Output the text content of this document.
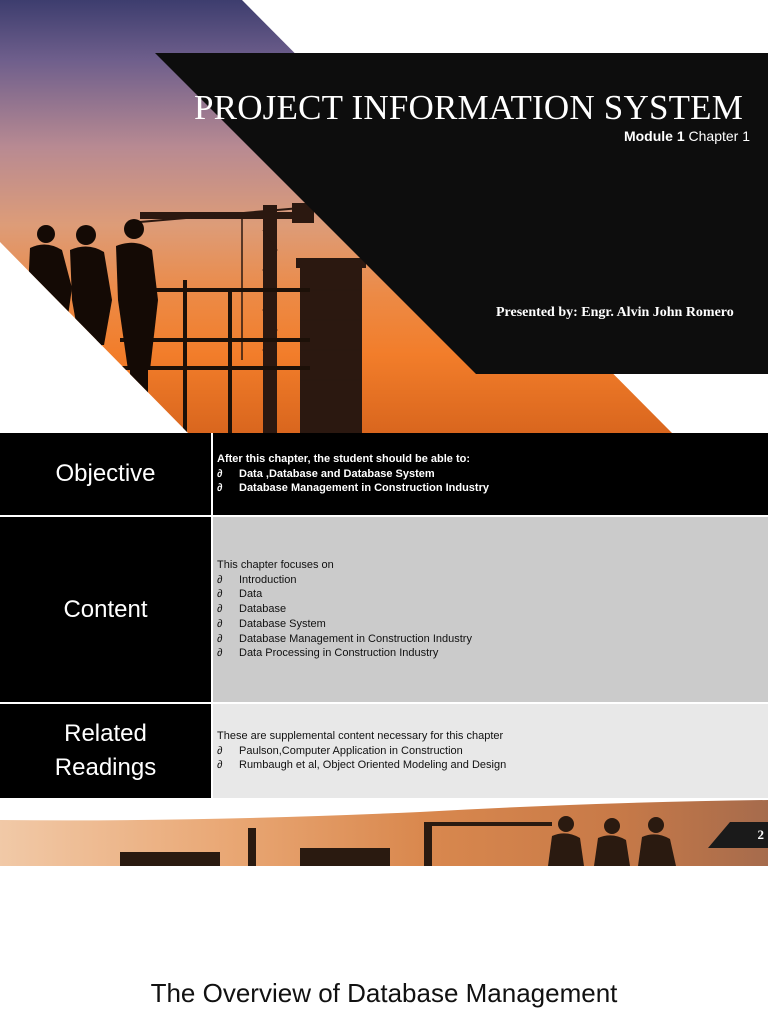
PROJECT INFORMATION SYSTEM
Module 1 Chapter 1
Presented by: Engr. Alvin John Romero
Objective
After this chapter, the student should be able to:
∂	Data ,Database and Database System
∂	Database Management in Construction Industry
Content
This chapter focuses on
∂	Introduction
∂	Data
∂	Database
∂	Database System
∂	Database Management in Construction Industry
∂	Data Processing in Construction Industry
Related
Readings
These are supplemental content necessary for this chapter
∂	Paulson,Computer Application in Construction
∂	Rumbaugh et al, Object Oriented Modeling and Design
2
The Overview of Database Management
